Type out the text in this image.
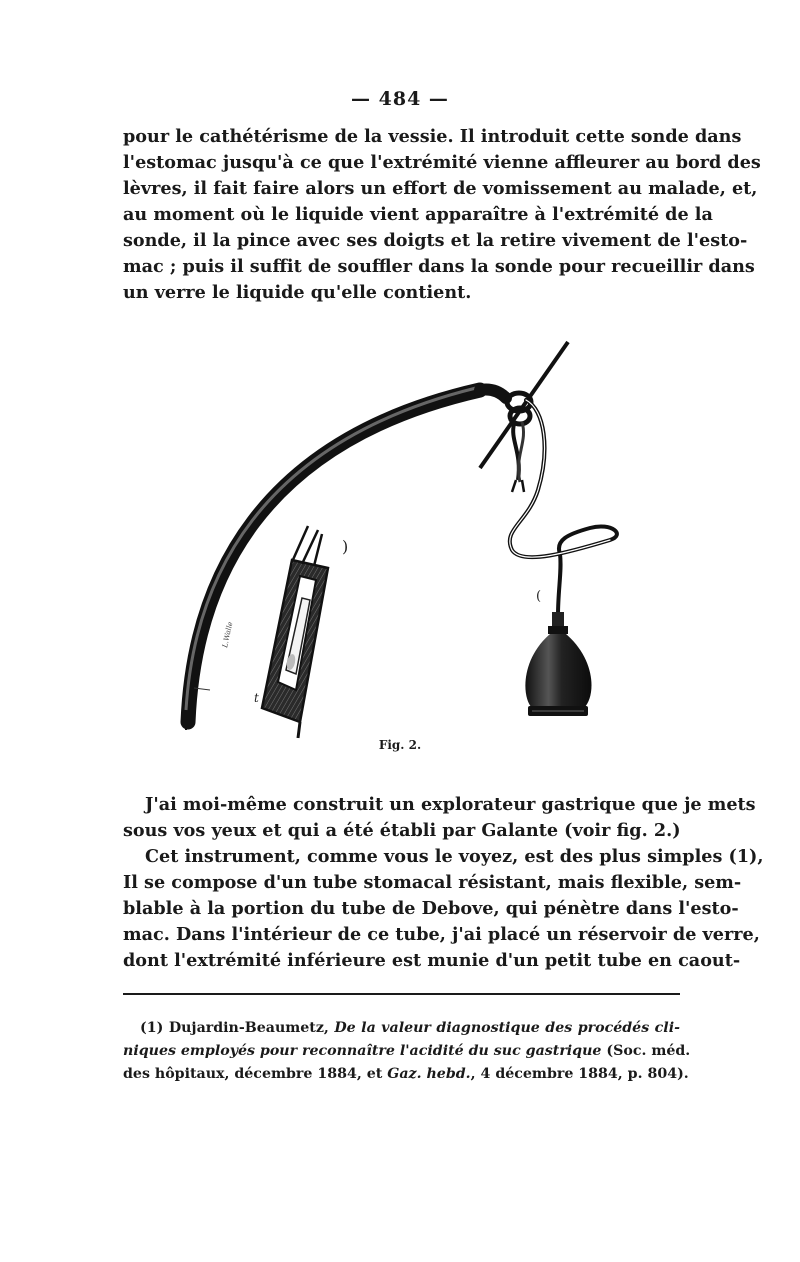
— 484 —
pour le cathétérisme de la vessie. Il introduit cette sonde dans
l'estomac jusqu'à ce que l'extrémité vienne affleurer au bord des
lèvres, il fait faire alors un effort de vomissement au malade, et,
au moment où le liquide vient apparaître à l'extrémité de la
sonde, il la pince avec ses doigts et la retire vivement de l'esto-
mac ; puis il suffit de souffler dans la sonde pour recueillir dans
un verre le liquide qu'elle contient.
L.Walle
(
)
t
Fig. 2.
J'ai moi-même construit un explorateur gastrique que je mets
sous vos yeux et qui a été établi par Galante (voir fig. 2.)
Cet instrument, comme vous le voyez, est des plus simples (1),
Il se compose d'un tube stomacal résistant, mais flexible, sem-
blable à la portion du tube de Debove, qui pénètre dans l'esto-
mac. Dans l'intérieur de ce tube, j'ai placé un réservoir de verre,
dont l'extrémité inférieure est munie d'un petit tube en caout-
(1) Dujardin-Beaumetz, De la valeur diagnostique des procédés cli-
niques employés pour reconnaître l'acidité du suc gastrique (Soc. méd.
des hôpitaux, décembre 1884, et Gaz. hebd., 4 décembre 1884, p. 804).
